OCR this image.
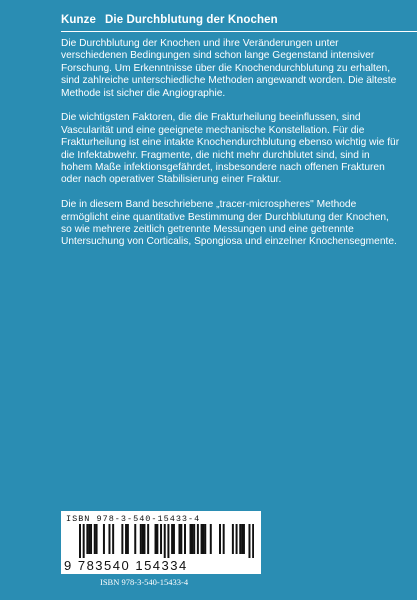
Kunze Die Durchblutung der Knochen

Die Durchblutung der Knochen und ihre Veränderungen unter verschiedenen Bedingungen sind schon lange Gegenstand intensiver Forschung. Um Erkenntnisse über die Knochendurchblutung zu erhalten, sind zahlreiche unterschiedliche Methoden angewandt worden. Die älteste Methode ist sicher die Angiographie.

Die wichtigsten Faktoren, die die Frakturheilung beeinflussen, sind Vascularität und eine geeignete mechanische Konstellation. Für die Frakturheilung ist eine intakte Knochendurchblutung ebenso wichtig wie für die Infektabwehr. Fragmente, die nicht mehr durchblutet sind, sind in hohem Maße infektionsgefährdet, insbesondere nach offenen Frakturen oder nach operativer Stabilisierung einer Fraktur.

Die in diesem Band beschriebene „tracer-microspheres" Methode ermöglicht eine quantitative Bestimmung der Durchblutung der Knochen, so wie mehrere zeitlich getrennte Messungen und eine getrennte Untersuchung von Corticalis, Spongiosa und einzelner Knochensegmente.

ISBN 978-3-540-15433-4
9 783540 154334
ISBN 978-3-540-15433-4
